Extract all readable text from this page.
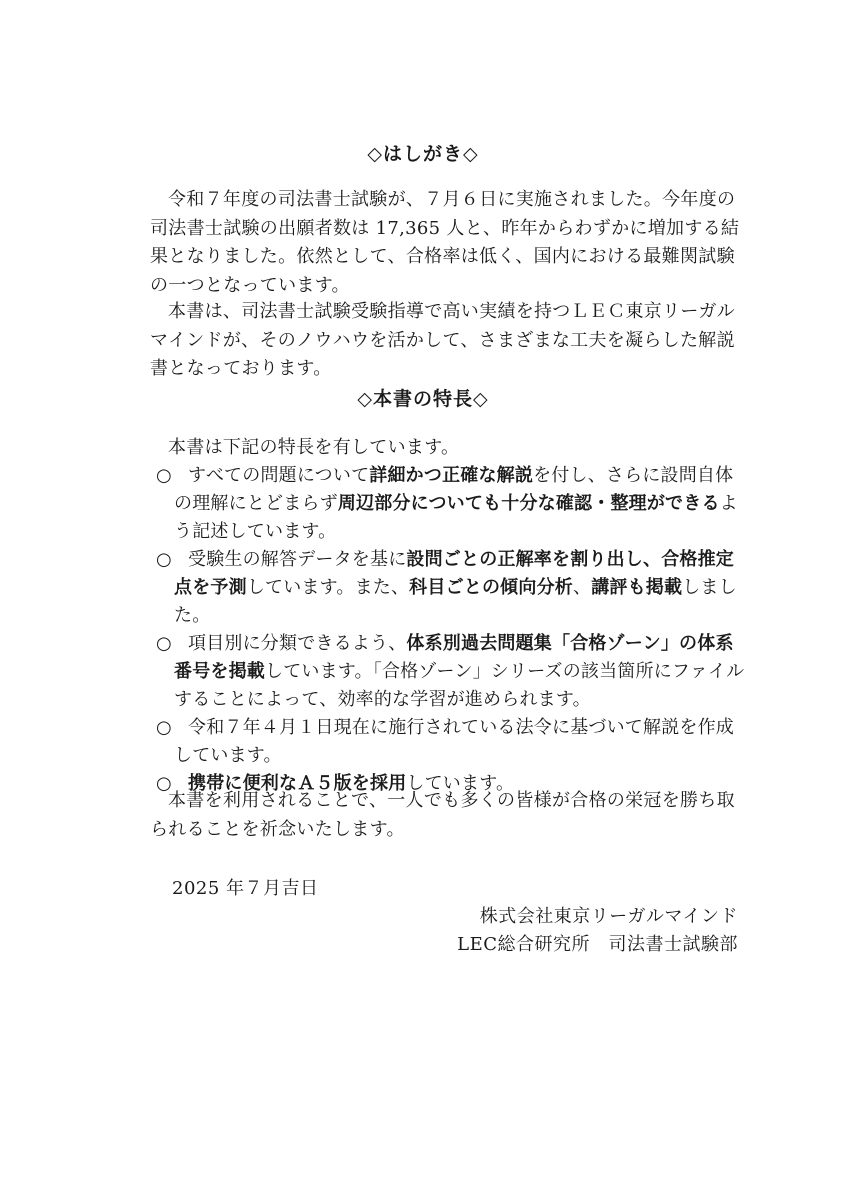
◇はしがき◇

令和７年度の司法書士試験が、７月６日に実施されました。今年度の司法書士試験の出願者数は 17,365 人と、昨年からわずかに増加する結果となりました。依然として、合格率は低く、国内における最難関試験の一つとなっています。

本書は、司法書士試験受験指導で高い実績を持つＬＥＣ東京リーガルマインドが、そのノウハウを活かして、さまざまな工夫を凝らした解説書となっております。

◇本書の特長◇

本書は下記の特長を有しています。

○ すべての問題について詳細かつ正確な解説を付し、さらに設問自体の理解にとどまらず周辺部分についても十分な確認・整理ができるよう記述しています。
○ 受験生の解答データを基に設問ごとの正解率を割り出し、合格推定点を予測しています。また、科目ごとの傾向分析、講評も掲載しました。
○ 項目別に分類できるよう、体系別過去問題集「合格ゾーン」の体系番号を掲載しています。「合格ゾーン」シリーズの該当箇所にファイルすることによって、効率的な学習が進められます。
○ 令和７年４月１日現在に施行されている法令に基づいて解説を作成しています。
○ 携帯に便利なＡ５版を採用しています。

本書を利用されることで、一人でも多くの皆様が合格の栄冠を勝ち取られることを祈念いたします。

2025 年７月吉日
株式会社東京リーガルマインド
LEC総合研究所　司法書士試験部
